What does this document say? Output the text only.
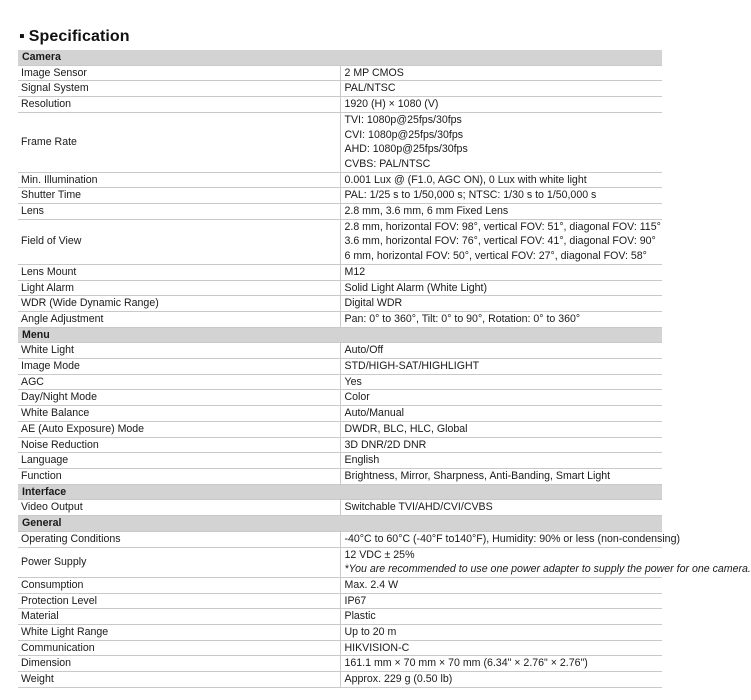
▪ Specification
Camera	
Image Sensor	2 MP CMOS

Signal System	PAL/NTSC

Resolution	1920 (H) × 1080 (V)

Frame Rate	TVI: 1080p@25fps/30fps
CVI: 1080p@25fps/30fps
AHD: 1080p@25fps/30fps
CVBS: PAL/NTSC

Min. Illumination	0.001 Lux @ (F1.0, AGC ON), 0 Lux with white light

Shutter Time	PAL: 1/25 s to 1/50,000 s; NTSC: 1/30 s to 1/50,000 s

Lens	2.8 mm, 3.6 mm, 6 mm Fixed Lens

Field of View	2.8 mm, horizontal FOV: 98°, vertical FOV: 51°, diagonal FOV: 115°
3.6 mm, horizontal FOV: 76°, vertical FOV: 41°, diagonal FOV: 90°
6 mm, horizontal FOV: 50°, vertical FOV: 27°, diagonal FOV: 58°

Lens Mount	M12

Light Alarm	Solid Light Alarm (White Light)

WDR (Wide Dynamic Range)	Digital WDR

Angle Adjustment	Pan: 0° to 360°, Tilt: 0° to 90°, Rotation: 0° to 360°

Menu	
White Light	Auto/Off

Image Mode	STD/HIGH-SAT/HIGHLIGHT

AGC	Yes

Day/Night Mode	Color

White Balance	Auto/Manual

AE (Auto Exposure) Mode	DWDR, BLC, HLC, Global

Noise Reduction	3D DNR/2D DNR

Language	English

Function	Brightness, Mirror, Sharpness, Anti-Banding, Smart Light

Interface	
Video Output	Switchable TVI/AHD/CVI/CVBS

General	
Operating Conditions	-40°C to 60°C (-40°F to140°F), Humidity: 90% or less (non-condensing)

Power Supply	12 VDC ± 25%
*You are recommended to use one power adapter to supply the power for one camera.

Consumption	Max. 2.4 W

Protection Level	IP67

Material	Plastic

White Light Range	Up to 20 m

Communication	HIKVISION-C

Dimension	161.1 mm × 70 mm × 70 mm (6.34" × 2.76" × 2.76")

Weight	Approx. 229 g (0.50 lb)
